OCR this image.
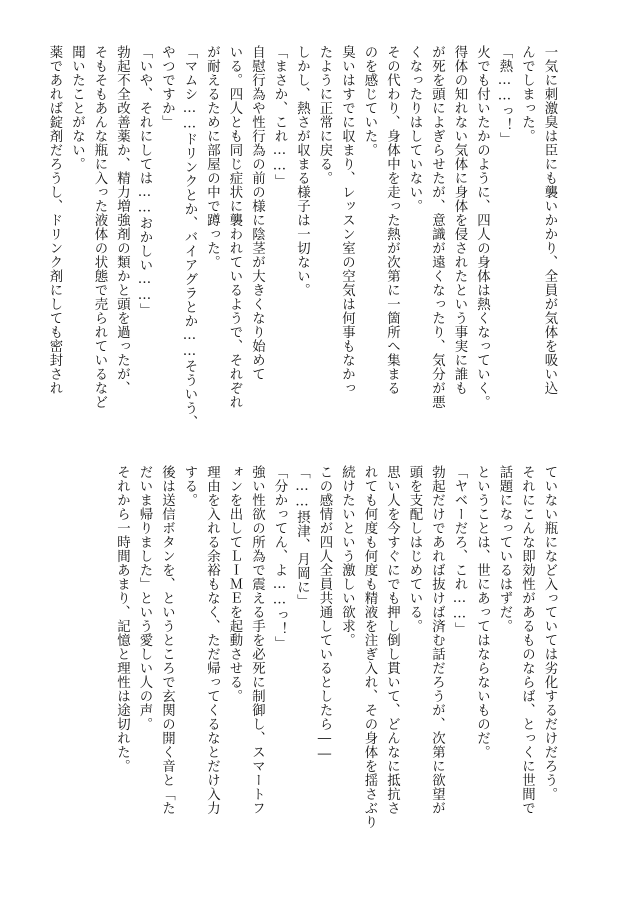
一気に刺激臭は臣にも襲いかかり、全員が気体を吸い込

んでしまった。

「熱……っ！」

火でも付いたかのように、四人の身体は熱くなっていく。

得体の知れない気体に身体を侵されたという事実に誰も

が死を頭によぎらせたが、意識が遠くなったり、気分が悪

くなったりはしていない。

その代わり、身体中を走った熱が次第に一箇所へ集まる

のを感じていた。

臭いはすでに収まり、レッスン室の空気は何事もなかっ

たように正常に戻る。

しかし、熱さが収まる様子は一切ない。

「まさか、これ……」

自慰行為や性行為の前の様に陰茎が大きくなり始めて

いる。四人とも同じ症状に襲われているようで、それぞれ

が耐えるために部屋の中で蹲った。

「マムシ……ドリンクとか、バイアグラとか……そういう、

やつですか」

「いや、それにしては……おかしい……」

勃起不全改善薬か、精力増強剤の類かと頭を過ったが、

そもそもあんな瓶に入った液体の状態で売られているなど

聞いたことがない。

薬であれば錠剤だろうし、ドリンク剤にしても密封され

ていない瓶になど入っていては劣化するだけだろう。

それにこんな即効性があるものならば、とっくに世間で

話題になっているはずだ。

ということは、世にあってはならないものだ。

「ヤベーだろ、これ……」

勃起だけであれば抜けば済む話だろうが、次第に欲望が

頭を支配しはじめている。

思い人を今すぐにでも押し倒し貫いて、どんなに抵抗さ

れても何度も何度も精液を注ぎ入れ、その身体を揺さぶり

続けたいという激しい欲求。

この感情が四人全員共通しているとしたら――

「……摂津、月岡に」

「分かってん、よ……っ！」

強い性欲の所為で震える手を必死に制御し、スマートフ

ォンを出してＬＩＭＥを起動させる。

理由を入れる余裕もなく、ただ帰ってくるなとだけ入力

する。

後は送信ボタンを、というところで玄関の開く音と「た

だいま帰りました」という愛しい人の声。

それから一時間あまり、記憶と理性は途切れた。
